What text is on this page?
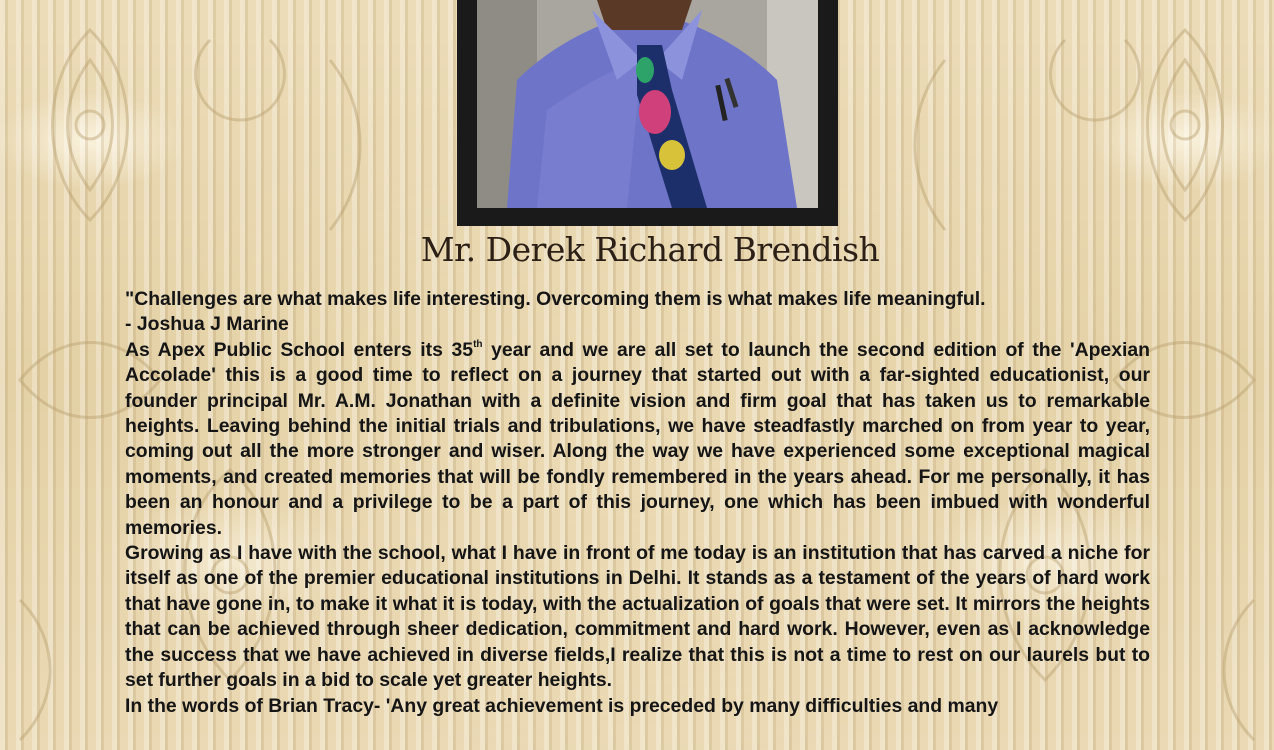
Mr. Derek Richard Brendish

"Challenges are what makes life interesting. Overcoming them is what makes life meaningful.

- Joshua J Marine

As Apex Public School enters its 35th year and we are all set to launch the second edition of the 'Apexian Accolade' this is a good time to reflect on a journey that started out with a far-sighted educationist, our founder principal Mr. A.M. Jonathan with a definite vision and firm goal that has taken us to remarkable heights. Leaving behind the initial trials and tribulations, we have steadfastly marched on from year to year, coming out all the more stronger and wiser. Along the way we have experienced some exceptional magical moments, and created memories that will be fondly remembered in the years ahead. For me personally, it has been an honour and a privilege to be a part of this journey, one which has been imbued with wonderful memories.

Growing as I have with the school, what I have in front of me today is an institution that has carved a niche for itself as one of the premier educational institutions in Delhi. It stands as a testament of the years of hard work that have gone in, to make it what it is today, with the actualization of goals that were set. It mirrors the heights that can be achieved through sheer dedication, commitment and hard work. However, even as I acknowledge the success that we have achieved in diverse fields,I realize that this is not a time to rest on our laurels but to set further goals in a bid to scale yet greater heights.

In the words of Brian Tracy- 'Any great achievement is preceded by many difficulties and many
